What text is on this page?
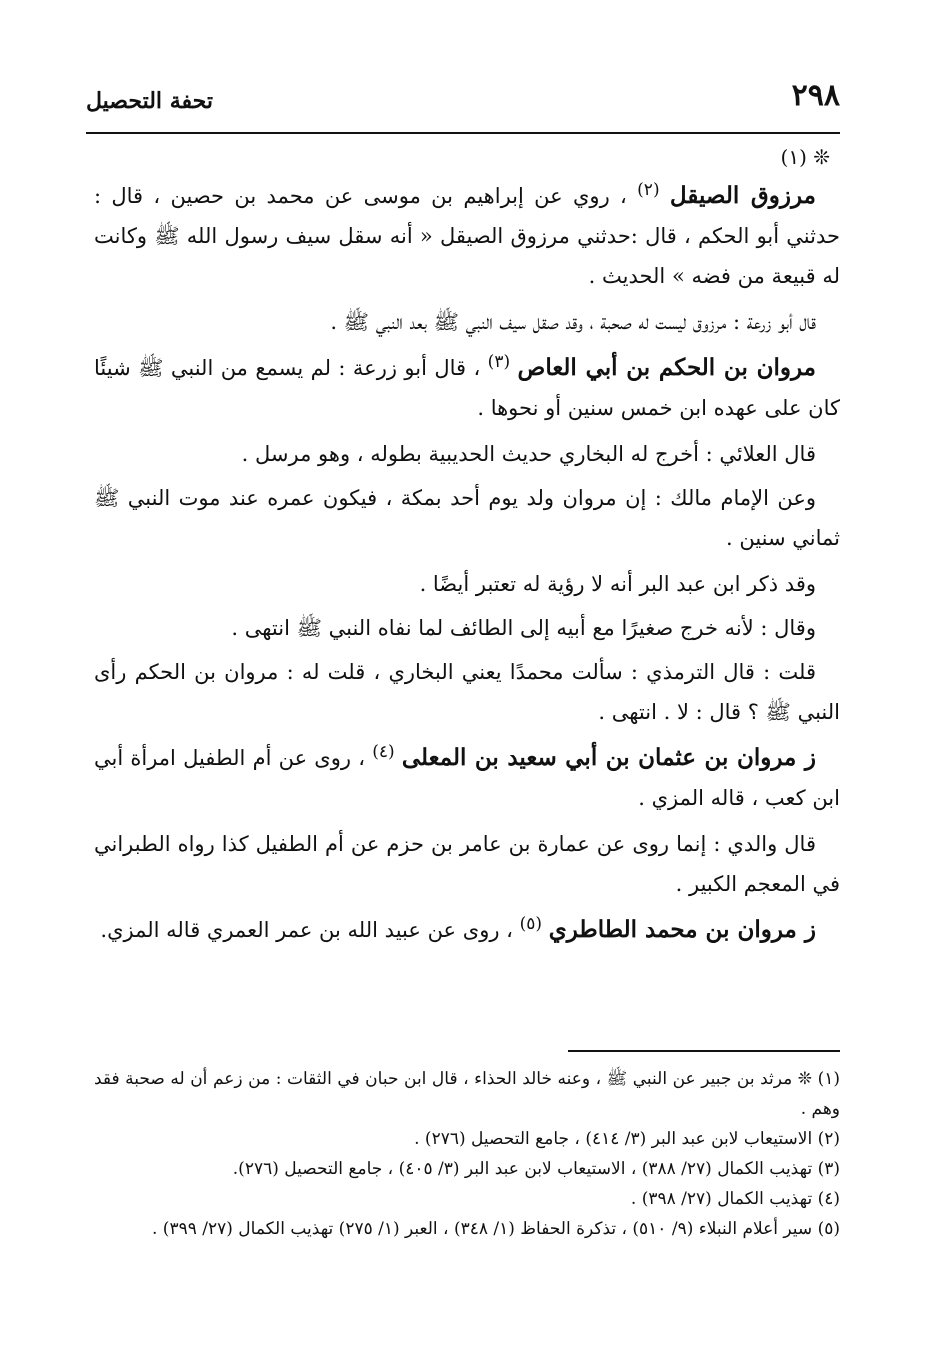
٢٩٨
تحفة التحصيل
❊ (١)

مرزوق الصيقل $^{(٢)}$ ، روي عن إبراهيم بن موسى عن محمد بن حصين ، قال : حدثني أبو الحكم ، قال :حدثني مرزوق الصيقل « أنه سقل سيف رسول الله ﷺ وكانت له قبيعة من فضه » الحديث .

قال أبو زرعة : مرزوق ليست له صحبة ، وقد صقل سيف النبي ﷺ بعد النبي ﷺ .

مروان بن الحكم بن أبي العاص $^{(٣)}$ ، قال أبو زرعة : لم يسمع من النبي ﷺ شيئًا كان على عهده ابن خمس سنين أو نحوها .

قال العلائي : أخرج له البخاري حديث الحديبية بطوله ، وهو مرسل .

وعن الإمام مالك : إن مروان ولد يوم أحد بمكة ، فيكون عمره عند موت النبي ﷺ ثماني سنين .

وقد ذكر ابن عبد البر أنه لا رؤية له تعتبر أيضًا .

وقال : لأنه خرج صغيرًا مع أبيه إلى الطائف لما نفاه النبي ﷺ انتهى .

قلت : قال الترمذي : سألت محمدًا يعني البخاري ، قلت له : مروان بن الحكم رأى النبي ﷺ ؟ قال : لا . انتهى .

ز مروان بن عثمان بن أبي سعيد بن المعلى $^{(٤)}$ ، روى عن أم الطفيل امرأة أبي ابن كعب ، قاله المزي .

قال والدي : إنما روى عن عمارة بن عامر بن حزم عن أم الطفيل كذا رواه الطبراني في المعجم الكبير .

ز مروان بن محمد الطاطري $^{(٥)}$ ، روى عن عبيد الله بن عمر العمري قاله المزي.

(١) ❊ مرثد بن جبير عن النبي ﷺ ، وعنه خالد الحذاء ، قال ابن حبان في الثقات : من زعم أن له صحبة فقد وهم .

(٢) الاستيعاب لابن عبد البر (٣/ ٤١٤) ، جامع التحصيل (٢٧٦) .

(٣) تهذيب الكمال (٢٧/ ٣٨٨) ، الاستيعاب لابن عبد البر (٣/ ٤٠٥) ، جامع التحصيل (٢٧٦).

(٤) تهذيب الكمال (٢٧/ ٣٩٨) .

(٥) سير أعلام النبلاء (٩/ ٥١٠) ، تذكرة الحفاظ (١/ ٣٤٨) ، العبر (١/ ٢٧٥) تهذيب الكمال (٢٧/ ٣٩٩) .
